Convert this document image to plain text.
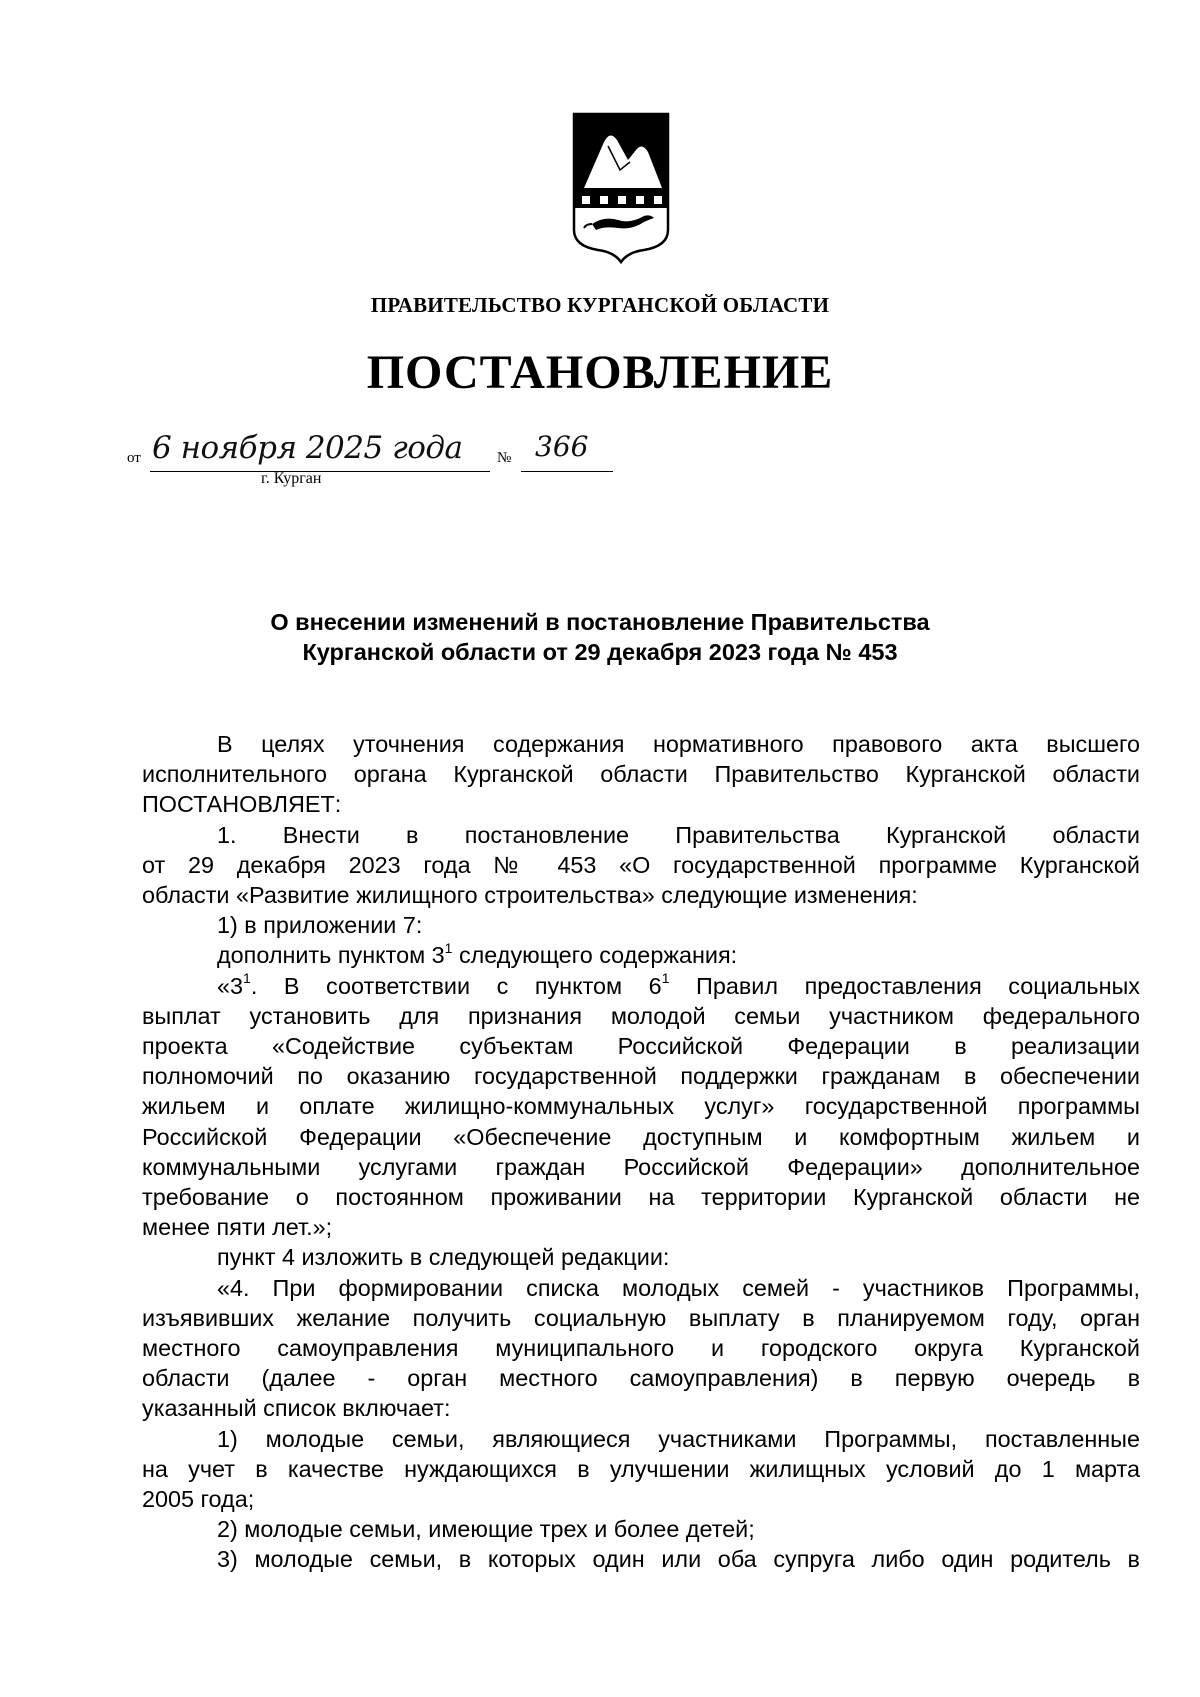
ПРАВИТЕЛЬСТВО КУРГАНСКОЙ ОБЛАСТИ
ПОСТАНОВЛЕНИЕ
от 6 ноября 2025 года № 366
г. Курган
О внесении изменений в постановление Правительства
Курганской области от 29 декабря 2023 года № 453
В целях уточнения содержания нормативного правового акта высшего
исполнительного органа Курганской области Правительство Курганской области
ПОСТАНОВЛЯЕТ:
1. Внести в постановление Правительства Курганской области
от 29 декабря 2023 года № 453 «О государственной программе Курганской
области «Развитие жилищного строительства» следующие изменения:
1) в приложении 7:
дополнить пунктом $3^1$ следующего содержания:
«$3^1$. В соответствии с пунктом $6^1$ Правил предоставления социальных
выплат установить для признания молодой семьи участником федерального
проекта «Содействие субъектам Российской Федерации в реализации
полномочий по оказанию государственной поддержки гражданам в обеспечении
жильем и оплате жилищно-коммунальных услуг» государственной программы
Российской Федерации «Обеспечение доступным и комфортным жильем и
коммунальными услугами граждан Российской Федерации» дополнительное
требование о постоянном проживании на территории Курганской области не
менее пяти лет.»;
пункт 4 изложить в следующей редакции:
«4. При формировании списка молодых семей - участников Программы,
изъявивших желание получить социальную выплату в планируемом году, орган
местного самоуправления муниципального и городского округа Курганской
области (далее - орган местного самоуправления) в первую очередь в
указанный список включает:
1) молодые семьи, являющиеся участниками Программы, поставленные
на учет в качестве нуждающихся в улучшении жилищных условий до 1 марта
2005 года;
2) молодые семьи, имеющие трех и более детей;
3) молодые семьи, в которых один или оба супруга либо один родитель в
